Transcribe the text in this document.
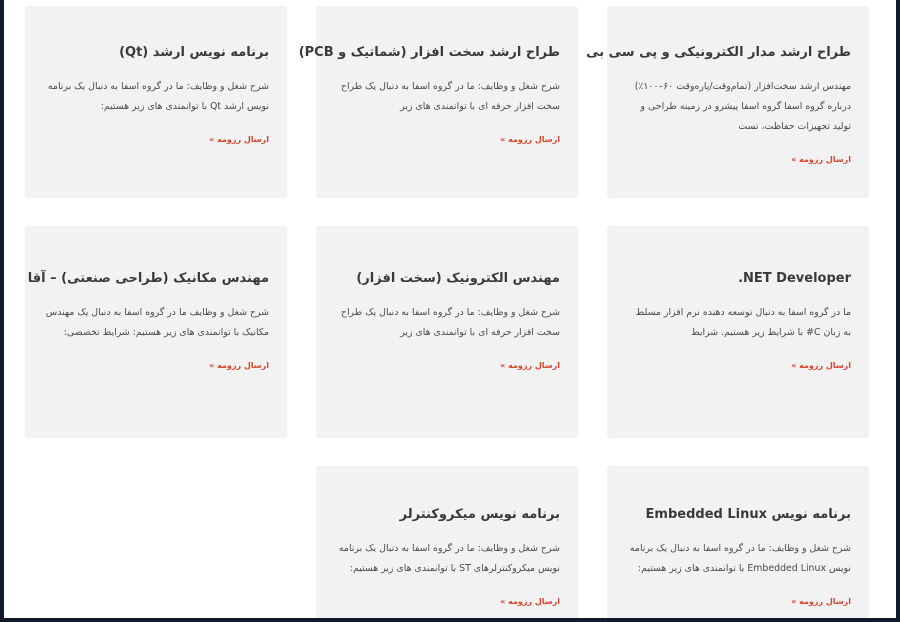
طراح ارشد مدار الکترونیکی و پی سی بی
مهندس ارشد سخت‌افزار (تمام‌وقت/پاره‌وقت ۶۰–۱۰۰٪) درباره گروه اسفا گروه اسفا پیشرو در زمینه طراحی و تولید تجهیزات حفاظت، تست
ارسال رزومه »
طراح ارشد سخت افزار (شماتیک و PCB)
شرح شغل و وظایف: ما در گروه اسفا به دنبال یک طراح سخت افزار حرفه ای با توانمندی های زیر
ارسال رزومه »
برنامه نویس ارشد (Qt)
شرح شغل و وظایف: ما در گروه اسفا به دنبال یک برنامه نویس ارشد Qt با توانمندی های زیر هستیم:
ارسال رزومه »
.NET Developer
ما در گروه اسفا به دنبال توسعه دهنده نرم افزار مسلط به زبان C# با شرایط زیر هستیم. شرایط
ارسال رزومه »
مهندس الکترونیک (سخت افزار)
شرح شغل و وظایف: ما در گروه اسفا به دنبال یک طراح سخت افزار حرفه ای با توانمندی های زیر
ارسال رزومه »
مهندس مکانیک (طراحی صنعتی) – آقا
شرح شغل و وظایف ما در گروه اسفا به دنبال یک مهندس مکانیک با توانمندی های زیر هستیم: شرایط تخصصی:
ارسال رزومه »
برنامه نویس Embedded Linux
شرح شغل و وظایف: ما در گروه اسفا به دنبال یک برنامه نویس Embedded Linux با توانمندی های زیر هستیم:
ارسال رزومه »
برنامه نویس میکروکنترلر
شرح شغل و وظایف: ما در گروه اسفا به دنبال یک برنامه نویس میکروکنترلرهای ST با توانمندی های زیر هستیم:
ارسال رزومه »
